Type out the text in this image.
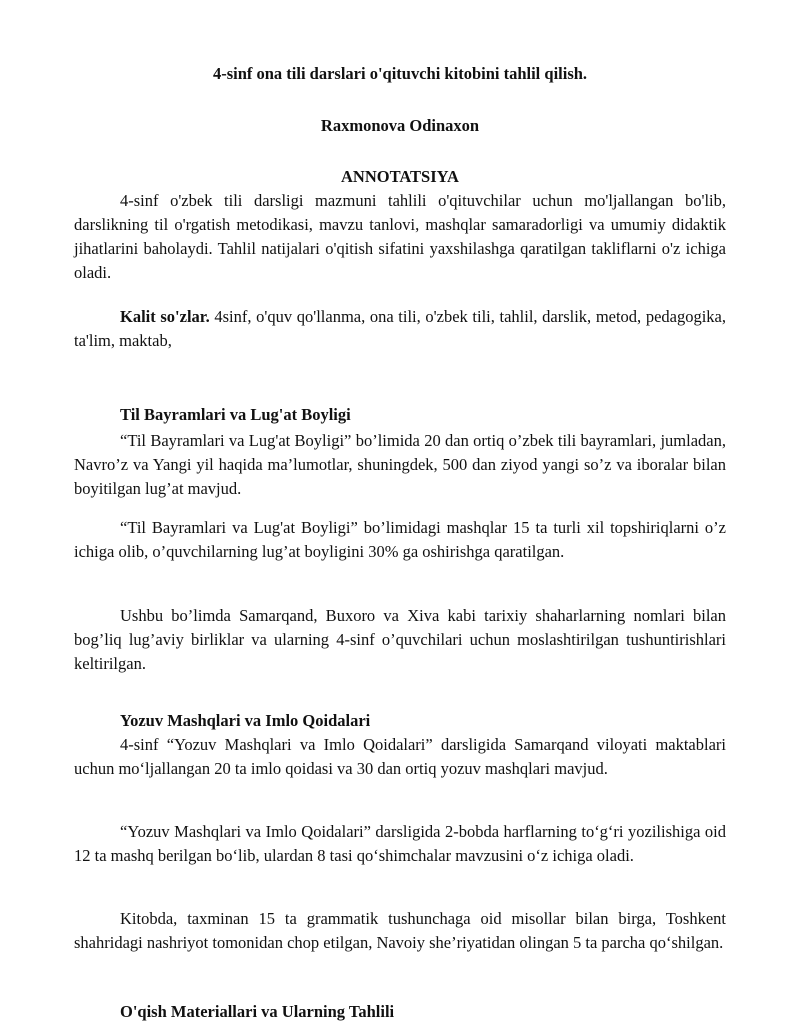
4-sinf ona tili darslari o'qituvchi kitobini tahlil qilish.

Raxmonova Odinaxon

ANNOTATSIYA

4-sinf o'zbek tili darsligi mazmuni tahlili o'qituvchilar uchun mo'ljallangan bo'lib, darslikning til o'rgatish metodikasi, mavzu tanlovi, mashqlar samaradorligi va umumiy didaktik jihatlarini baholaydi. Tahlil natijalari o'qitish sifatini yaxshilashga qaratilgan takliflarni o'z ichiga oladi.

Kalit so'zlar. 4sinf, o'quv qo'llanma, ona tili, o'zbek tili, tahlil, darslik, metod, pedagogika, ta'lim, maktab,

Til Bayramlari va Lug'at Boyligi

“Til Bayramlari va Lug'at Boyligi” bo’limida 20 dan ortiq o’zbek tili bayramlari, jumladan, Navro’z va Yangi yil haqida ma’lumotlar, shuningdek, 500 dan ziyod yangi so’z va iboralar bilan boyitilgan lug’at mavjud.

“Til Bayramlari va Lug'at Boyligi” bo’limidagi mashqlar 15 ta turli xil topshiriqlarni o’z ichiga olib, o’quvchilarning lug’at boyligini 30% ga oshirishga qaratilgan.

Ushbu bo’limda Samarqand, Buxoro va Xiva kabi tarixiy shaharlarning nomlari bilan bog’liq lug’aviy birliklar va ularning 4-sinf o’quvchilari uchun moslashtirilgan tushuntirishlari keltirilgan.

Yozuv Mashqlari va Imlo Qoidalari

4-sinf “Yozuv Mashqlari va Imlo Qoidalari” darsligida Samarqand viloyati maktablari uchun mo‘ljallangan 20 ta imlo qoidasi va 30 dan ortiq yozuv mashqlari mavjud.

“Yozuv Mashqlari va Imlo Qoidalari” darsligida 2-bobda harflarning to‘g‘ri yozilishiga oid 12 ta mashq berilgan bo‘lib, ulardan 8 tasi qo‘shimchalar mavzusini o‘z ichiga oladi.

Kitobda, taxminan 15 ta grammatik tushunchaga oid misollar bilan birga, Toshkent shahridagi nashriyot tomonidan chop etilgan, Navoiy she’riyatidan olingan 5 ta parcha qo‘shilgan.

O'qish Materiallari va Ularning Tahlili
